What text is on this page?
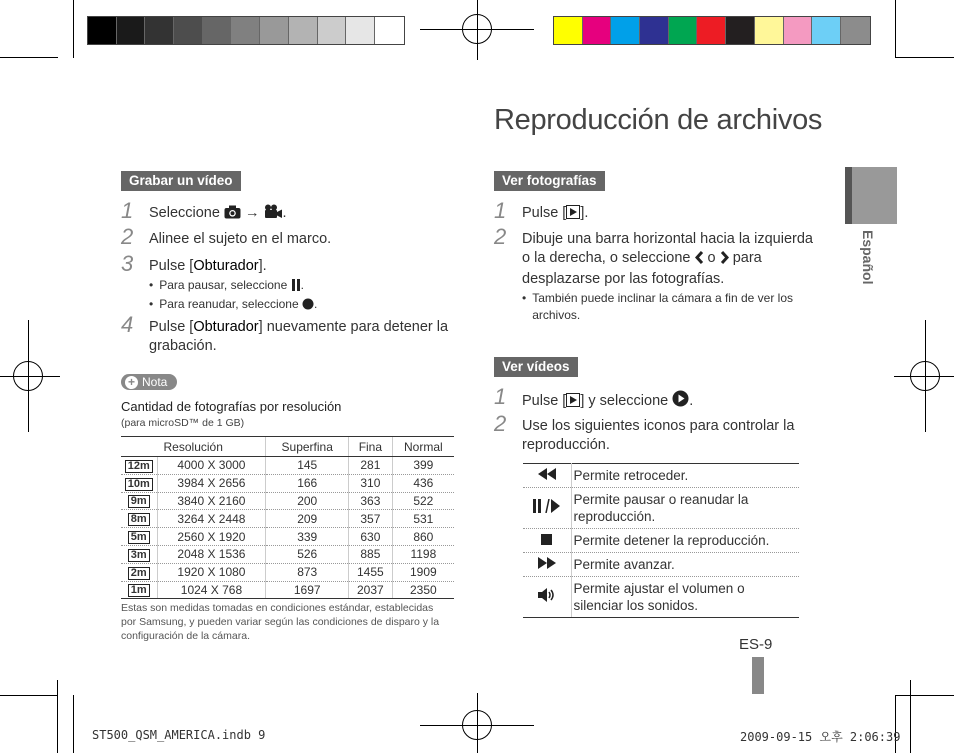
Reproducción de archivos
Grabar un vídeo
1 Seleccione → .
2 Alinee el sujeto en el marco.
3 Pulse [Obturador].
• Para pausar, seleccione .
• Para reanudar, seleccione .
4 Pulse [Obturador] nuevamente para detener la grabación.
+ Nota
Cantidad de fotografías por resolución
(para microSD™ de 1 GB)
Resolución		Superfina	Fina	Normal
12m	4000 X 3000	145	281	399
10m	3984 X 2656	166	310	436
9m	3840 X 2160	200	363	522
8m	3264 X 2448	209	357	531
5m	2560 X 1920	339	630	860
3m	2048 X 1536	526	885	1198
2m	1920 X 1080	873	1455	1909
1m	1024 X 768	1697	2037	2350
Estas son medidas tomadas en condiciones estándar, establecidas
por Samsung, y pueden variar según las condiciones de disparo y la
configuración de la cámara.
Ver fotografías
1 Pulse [ ].
2 Dibuje una barra horizontal hacia la izquierda
o la derecha, o seleccione o para
desplazarse por las fotografías.
• También puede inclinar la cámara a fin de ver los
archivos.
Ver vídeos
1 Pulse [ ] y seleccione .
2 Use los siguientes iconos para controlar la reproducción.
	Permite retroceder.
	Permite pausar o reanudar la reproducción.
	Permite detener la reproducción.
	Permite avanzar.
	Permite ajustar el volumen o silenciar los sonidos.
Español
ES-9
ST500_QSM_AMERICA.indb 9	2009-09-15 오후 2:06:39
